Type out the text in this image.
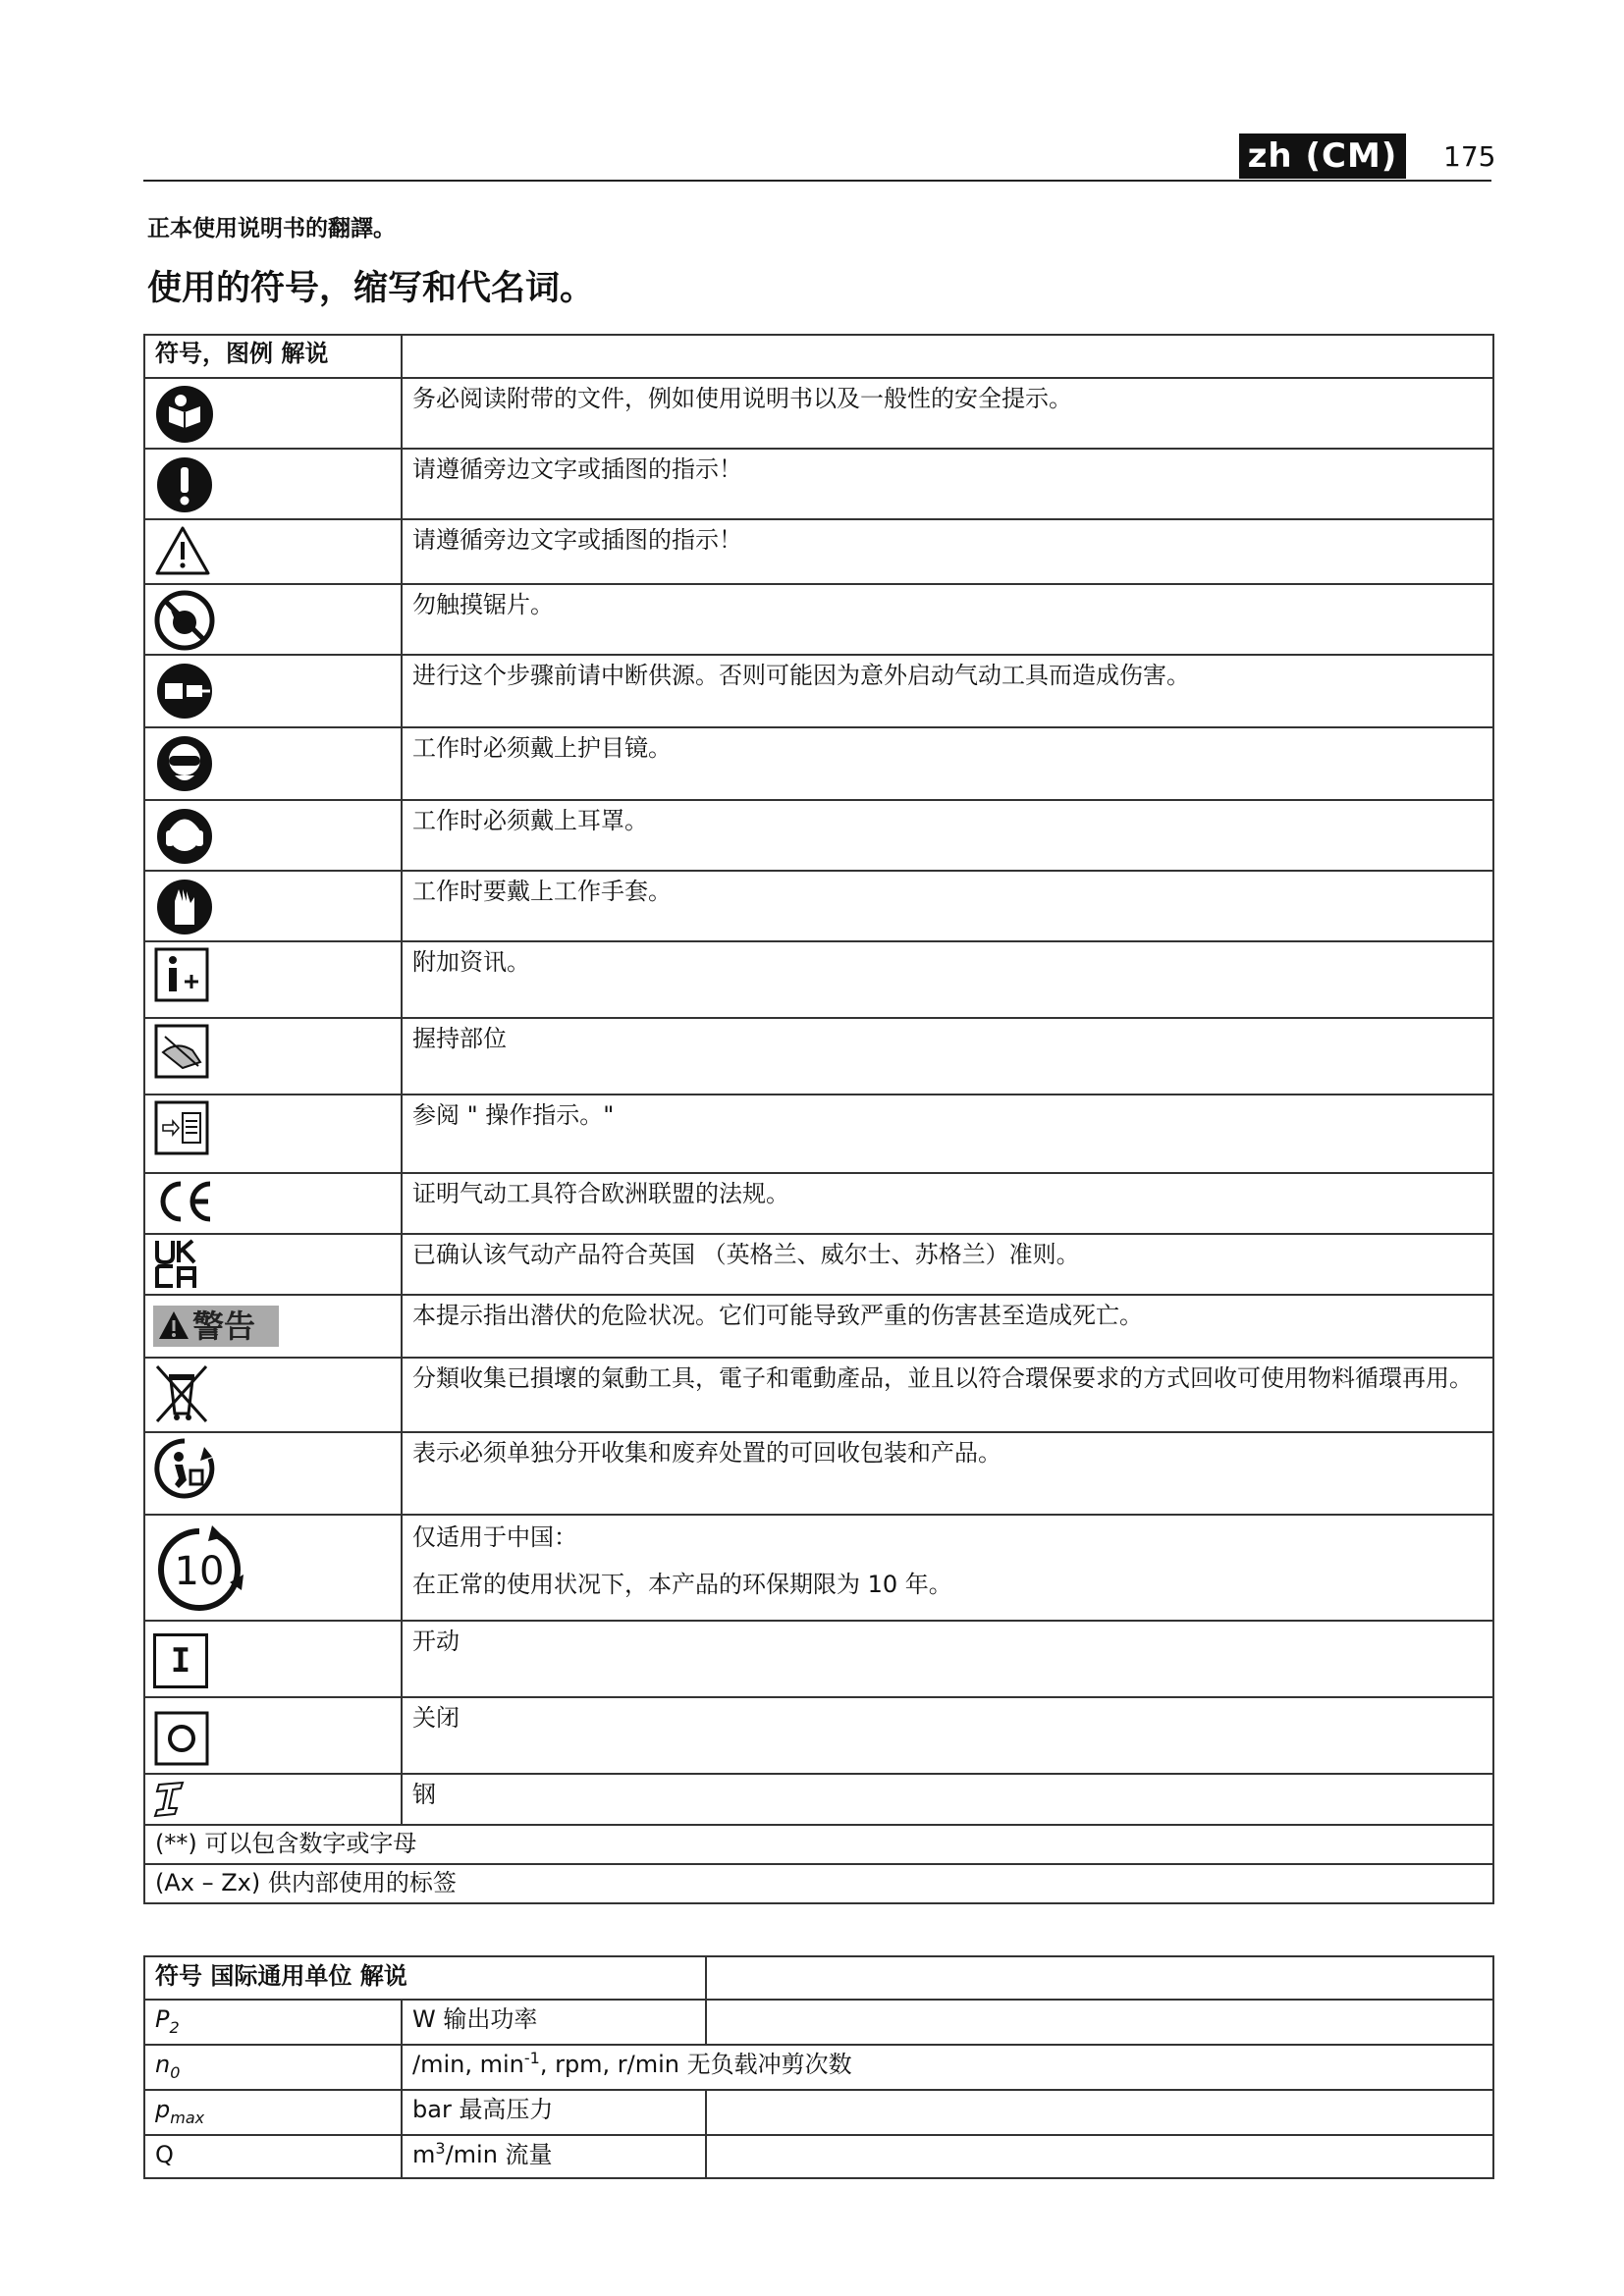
zh (CM)	175
正本使用说明书的翻譯。
使用的符号，缩写和代名词。
符号，图例 解说	

	务必阅读附带的文件，例如使用说明书以及一般性的安全提示。

	请遵循旁边文字或插图的指示！

	请遵循旁边文字或插图的指示！

	勿触摸锯片。

	进行这个步骤前请中断供源。否则可能因为意外启动气动工具而造成伤害。

	工作时必须戴上护目镜。

	工作时必须戴上耳罩。

	工作时要戴上工作手套。

	附加资讯。

	握持部位

	参阅 " 操作指示。"

	证明气动工具符合欧洲联盟的法规。

	已确认该气动产品符合英国 （英格兰、威尔士、苏格兰）准则。

警告	本提示指出潜伏的危险状况。它们可能导致严重的伤害甚至造成死亡。

	分類收集已損壞的氣動工具，電子和電動產品，並且以符合環保要求的方式回收可使用物料循環再用。

	表示必须单独分开收集和废弃处置的可回收包装和产品。

10	仅适用于中国：
在正常的使用状况下，本产品的环保期限为 10 年。

I	开动

	关闭

	钢
(**) 可以包含数字或字母	
(Ax – Zx) 供内部使用的标签	
符号 国际通用单位 解说		
$P_2$	W 输出功率	
$n_0$	/min, $\min^{-1}$, rpm, r/min 无负载冲剪次数	
$p_{max}$	bar 最高压力	
Q	$m^3/\min$ 流量	
